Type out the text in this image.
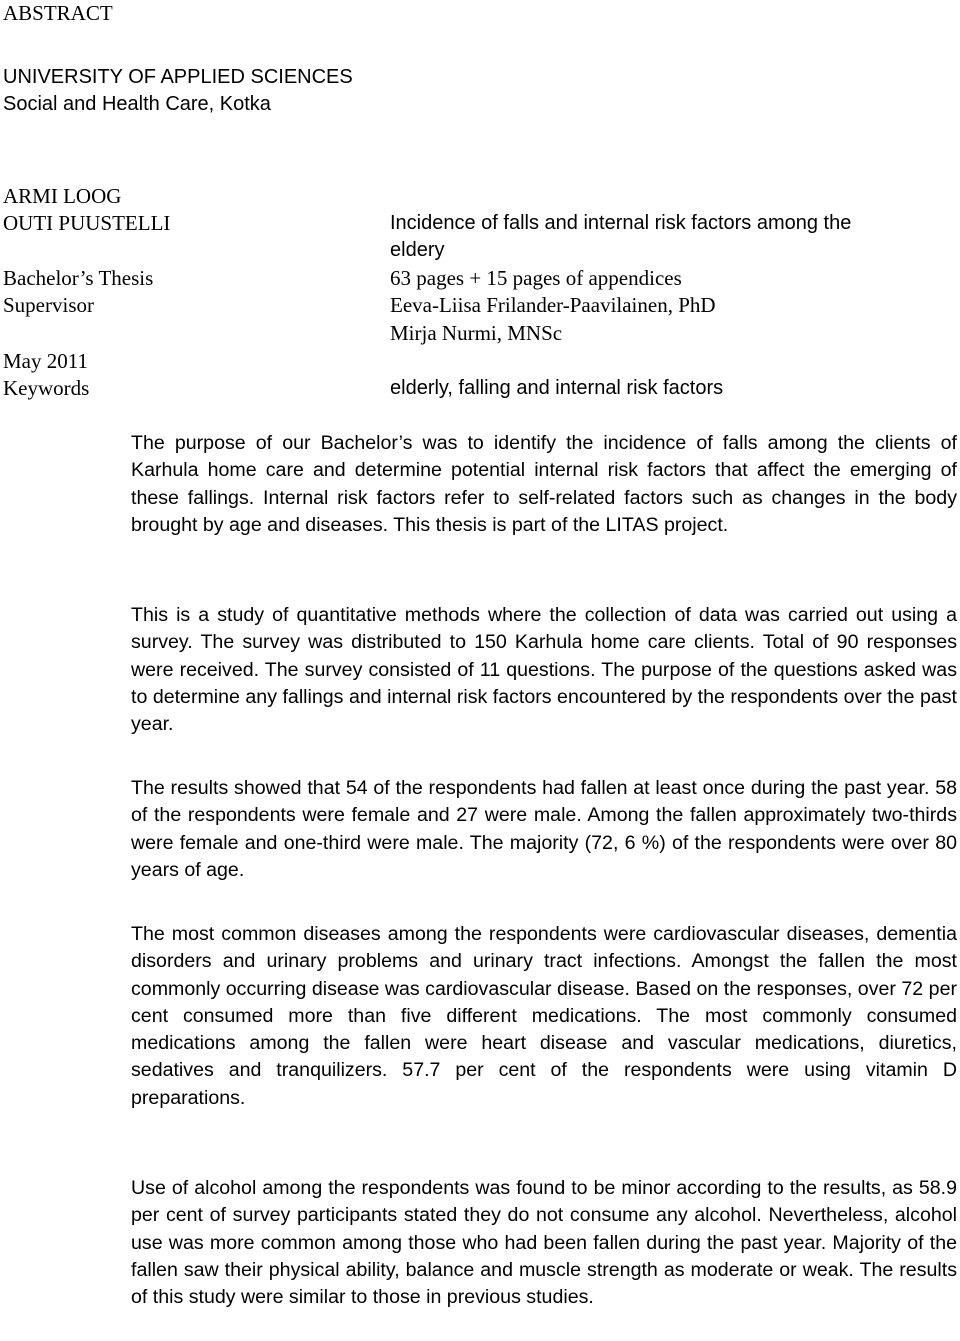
ABSTRACT
UNIVERSITY OF APPLIED SCIENCES
Social and Health Care, Kotka
ARMI LOOG
OUTI PUUSTELLI	Incidence of falls and internal risk factors among the
eldery
Bachelor’s Thesis	63 pages + 15 pages of appendices
Supervisor	Eeva-Liisa Frilander-Paavilainen, PhD
Mirja Nurmi, MNSc
May 2011
Keywords	elderly, falling and internal risk factors

The purpose of our Bachelor’s was to identify the incidence of falls among the clients of Karhula home care and determine potential internal risk factors that affect the emerging of these fallings. Internal risk factors refer to self-related factors such as changes in the body brought by age and diseases. This thesis is part of the LITAS project.

This is a study of quantitative methods where the collection of data was carried out using a survey. The survey was distributed to 150 Karhula home care clients. Total of 90 responses were received. The survey consisted of 11 questions. The purpose of the questions asked was to determine any fallings and internal risk factors encountered by the respondents over the past year.

The results showed that 54 of the respondents had fallen at least once during the past year. 58 of the respondents were female and 27 were male. Among the fallen approximately two-thirds were female and one-third were male. The majority (72, 6 %) of the respondents were over 80 years of age.

The most common diseases among the respondents were cardiovascular diseases, dementia disorders and urinary problems and urinary tract infections. Amongst the fallen the most commonly occurring disease was cardiovascular disease. Based on the responses, over 72 per cent consumed more than five different medications. The most commonly consumed medications among the fallen were heart disease and vascular medications, diuretics, sedatives and tranquilizers. 57.7 per cent of the respondents were using vitamin D preparations.

Use of alcohol among the respondents was found to be minor according to the results, as 58.9 per cent of survey participants stated they do not consume any alcohol. Nevertheless, alcohol use was more common among those who had been fallen during the past year. Majority of the fallen saw their physical ability, balance and muscle strength as moderate or weak. The results of this study were similar to those in previous studies.
